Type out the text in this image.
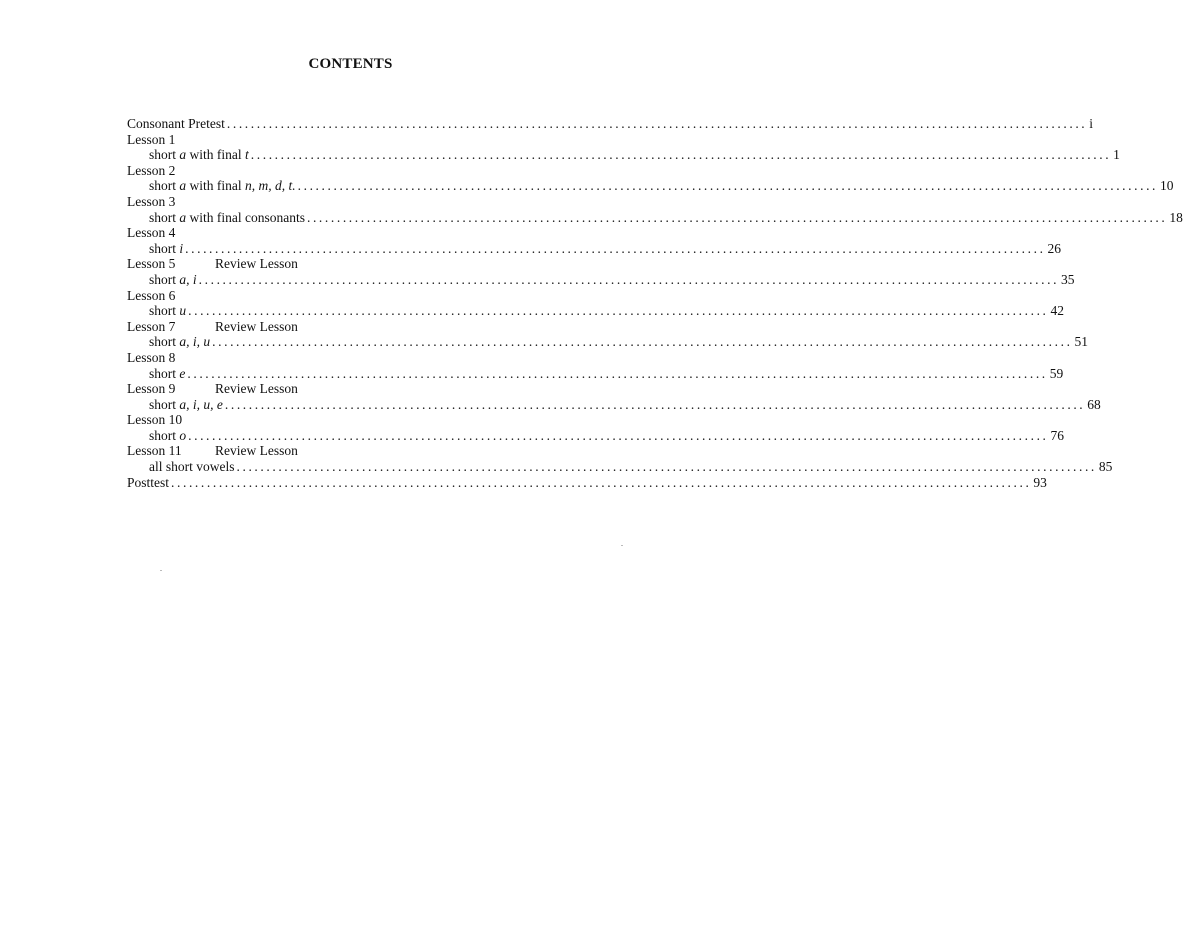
CONTENTS
Consonant Pretest ................................................................................................................................................ i
Lesson 1
short a with final t ................................................................................................................................................ 1
Lesson 2
short a with final n, m, d, t. ................................................................................................................................................ 10
Lesson 3
short a with final consonants ................................................................................................................................................ 18
Lesson 4
short i ................................................................................................................................................ 26
Lesson 5	Review Lesson
short a, i ................................................................................................................................................ 35
Lesson 6
short u ................................................................................................................................................ 42
Lesson 7	Review Lesson
short a, i, u ................................................................................................................................................ 51
Lesson 8
short e ................................................................................................................................................ 59
Lesson 9	Review Lesson
short a, i, u, e ................................................................................................................................................ 68
Lesson 10
short o ................................................................................................................................................ 76
Lesson 11 Review Lesson
all short vowels ................................................................................................................................................ 85
Posttest ................................................................................................................................................ 93
